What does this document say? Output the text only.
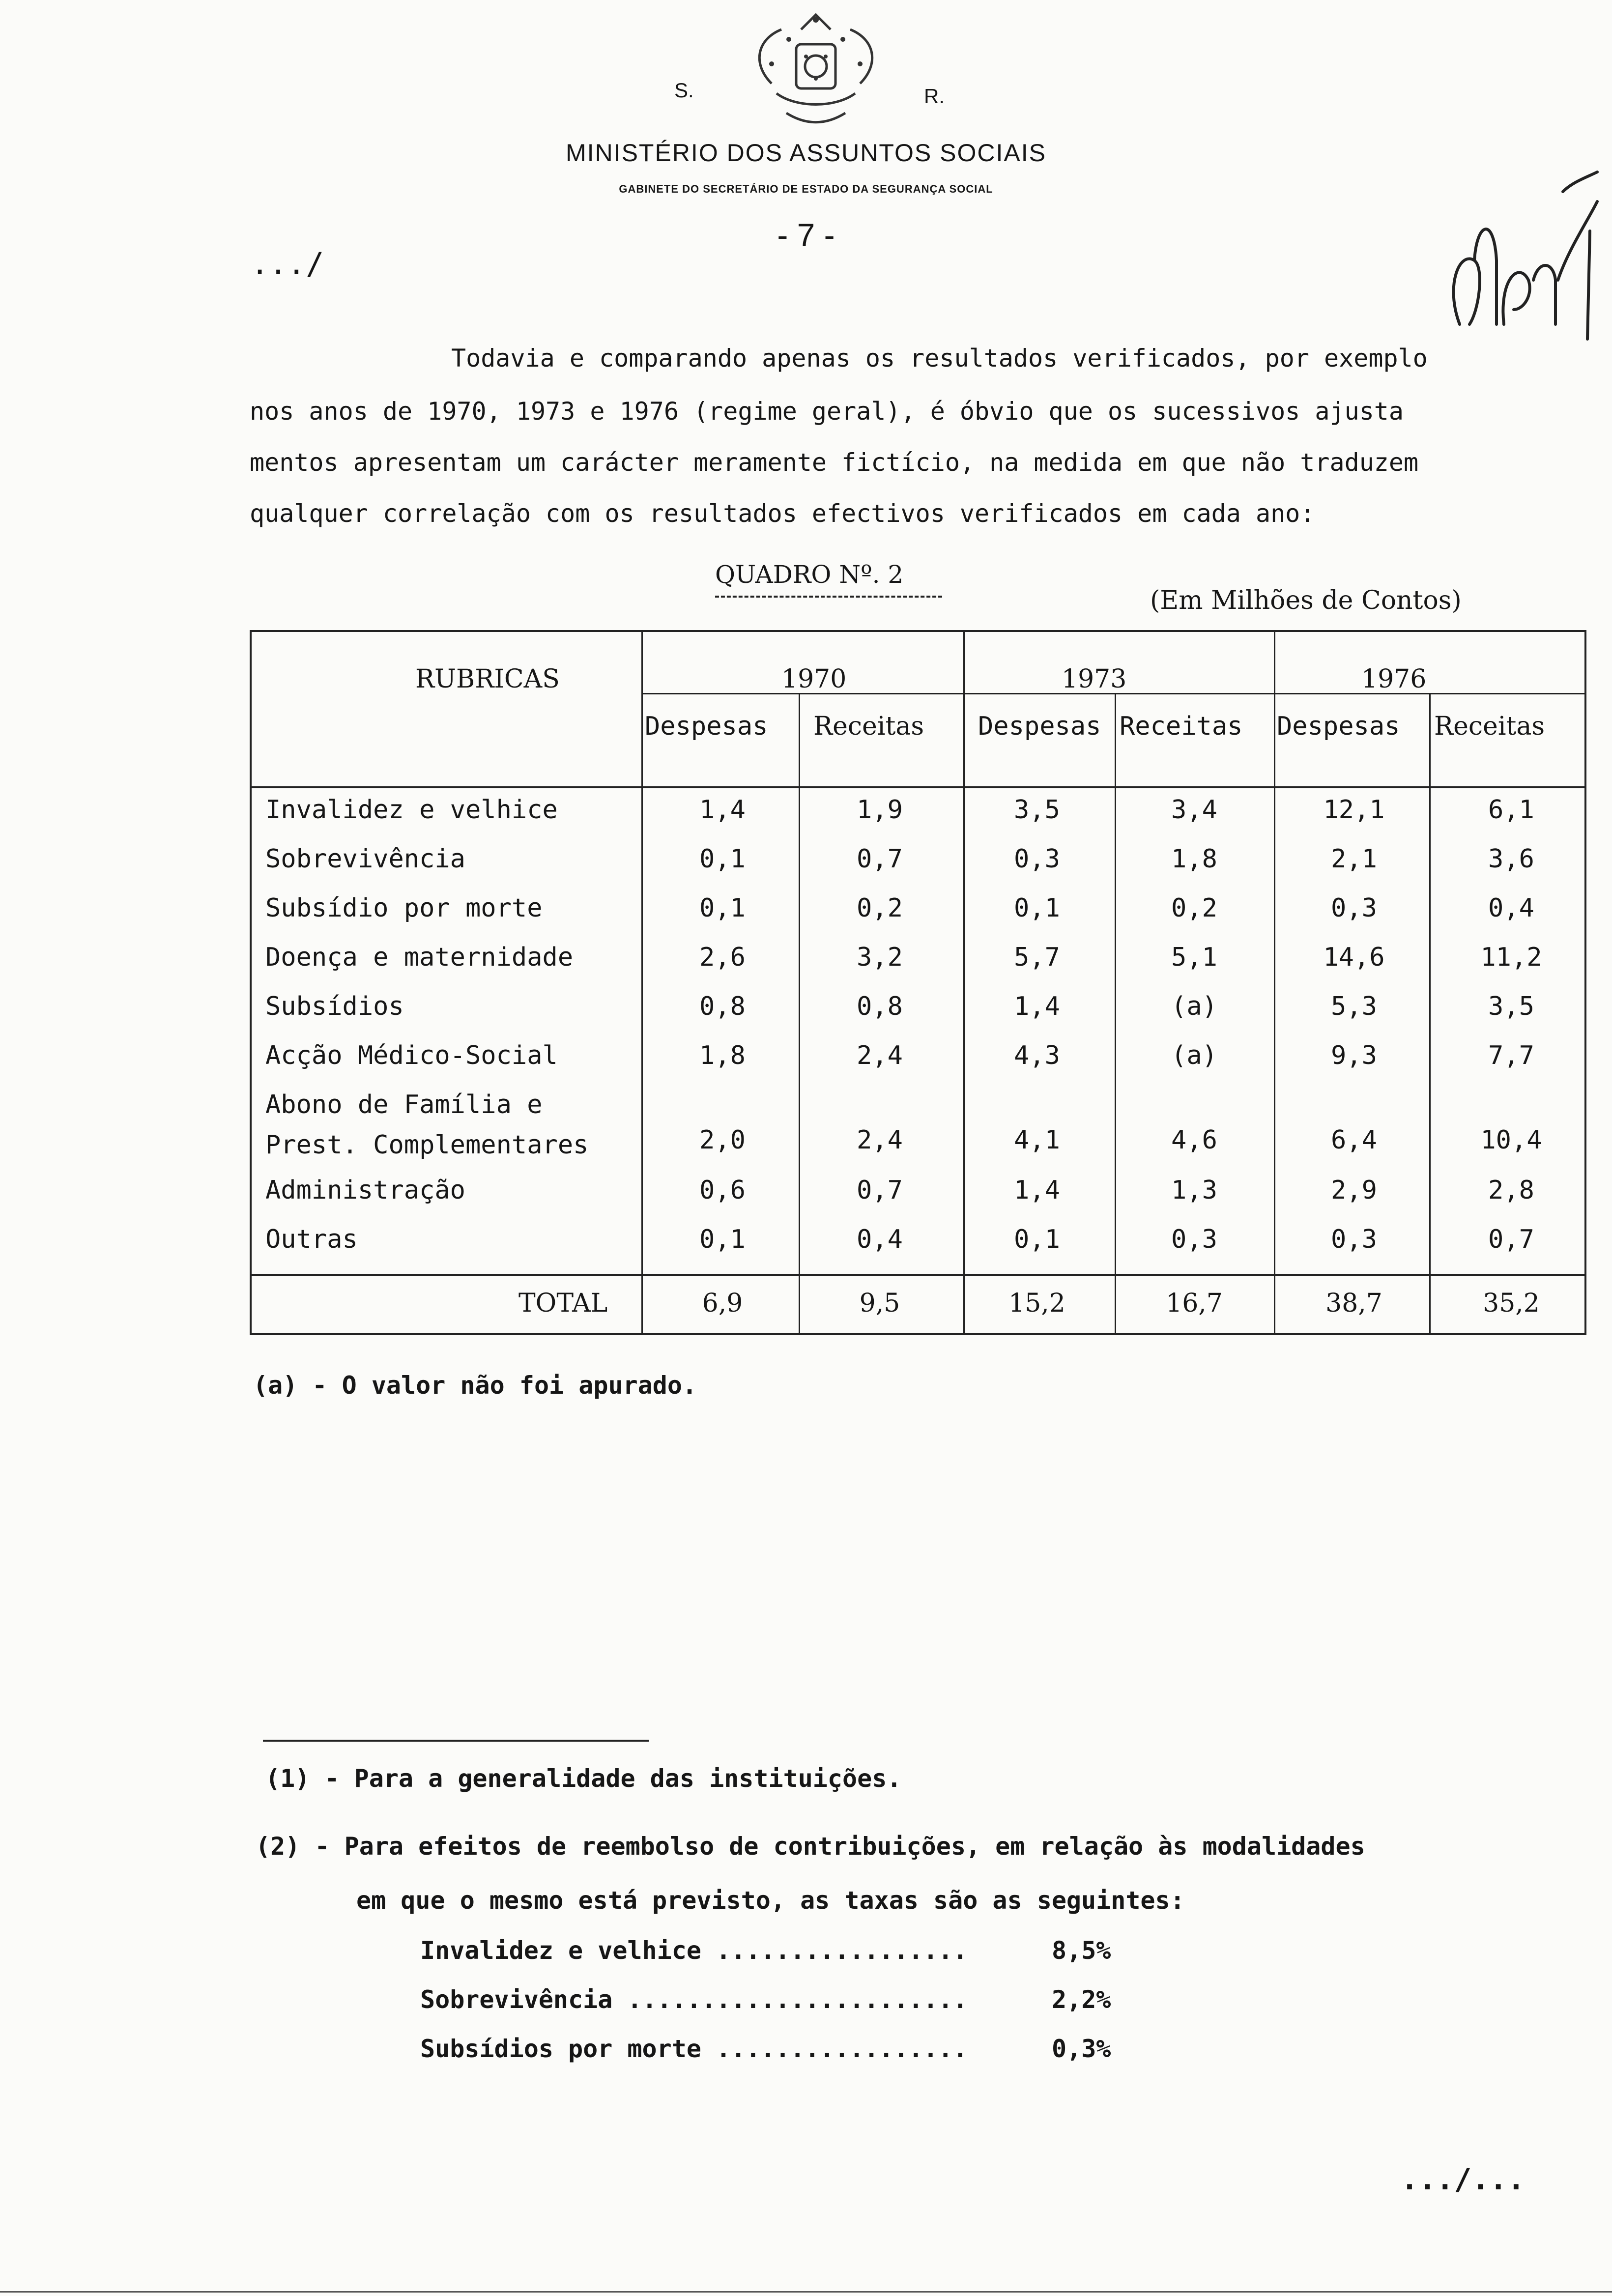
S.	R.
MINISTÉRIO DOS ASSUNTOS SOCIAIS
GABINETE DO SECRETÁRIO DE ESTADO DA SEGURANÇA SOCIAL
- 7 -
.../
Todavia e comparando apenas os resultados verificados, por exemplo
nos anos de 1970, 1973 e 1976 (regime geral), é óbvio que os sucessivos ajusta
mentos apresentam um carácter meramente fictício, na medida em que não traduzem
qualquer correlação com os resultados efectivos verificados em cada ano:
QUADRO Nº. 2
(Em Milhões de Contos)
RUBRICAS	1970	1973	1976
Despesas Receitas Despesas Receitas Despesas Receitas
Invalidez e velhice	1,4	1,9	3,5	3,4	12,1	6,1
Sobrevivência	0,1	0,7	0,3	1,8	2,1	3,6
Subsídio por morte	0,1	0,2	0,1	0,2	0,3	0,4
Doença e maternidade	2,6	3,2	5,7	5,1	14,6	11,2
Subsídios	0,8	0,8	1,4	(a)	5,3	3,5
Acção Médico-Social	1,8	2,4	4,3	(a)	9,3	7,7
Abono de Família e
Prest. Complementares	2,0	2,4	4,1	4,6	6,4	10,4
Administração	0,6	0,7	1,4	1,3	2,9	2,8
Outras	0,1	0,4	0,1	0,3	0,3	0,7
TOTAL	6,9	9,5	15,2	16,7	38,7	35,2
(a) - O valor não foi apurado.
(1) - Para a generalidade das instituições.
(2) - Para efeitos de reembolso de contribuições, em relação às modalidades
em que o mesmo está previsto, as taxas são as seguintes:
Invalidez e velhice .................	8,5%
Sobrevivência .......................	2,2%
Subsídios por morte .................	0,3%
.../...
